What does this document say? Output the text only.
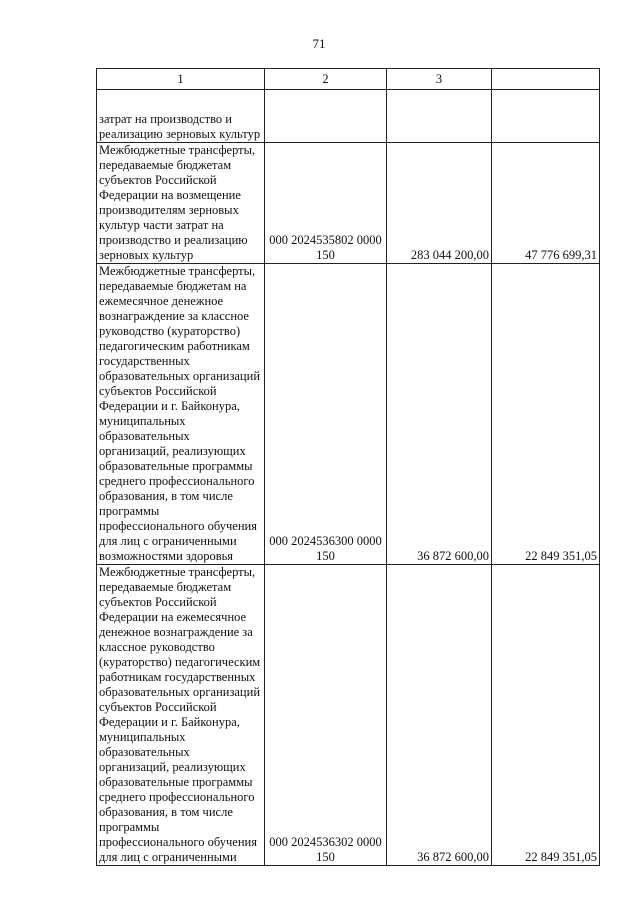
71
1	2	3	
затрат на производство и реализацию зерновых культур			
Межбюджетные трансферты, передаваемые бюджетам субъектов Российской Федерации на возмещение производителям зерновых культур части затрат на производство и реализацию зерновых культур	000 2024535802 0000 150	283 044 200,00	47 776 699,31
Межбюджетные трансферты, передаваемые бюджетам на ежемесячное денежное вознаграждение за классное руководство (кураторство) педагогическим работникам государственных образовательных организаций субъектов Российской Федерации и г. Байконура, муниципальных образовательных организаций, реализующих образовательные программы среднего профессионального образования, в том числе программы профессионального обучения для лиц с ограниченными возможностями здоровья	000 2024536300 0000 150	36 872 600,00	22 849 351,05
Межбюджетные трансферты, передаваемые бюджетам субъектов Российской Федерации на ежемесячное денежное вознаграждение за классное руководство (кураторство) педагогическим работникам государственных образовательных организаций субъектов Российской Федерации и г. Байконура, муниципальных образовательных организаций, реализующих образовательные программы среднего профессионального образования, в том числе программы профессионального обучения для лиц с ограниченными	000 2024536302 0000 150	36 872 600,00	22 849 351,05
